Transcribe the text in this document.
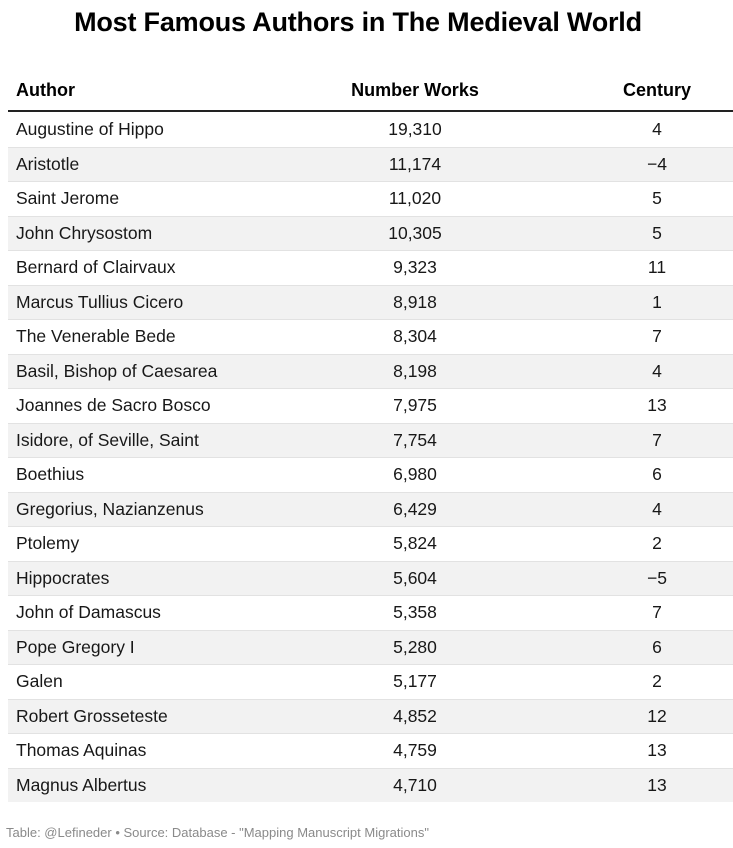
Most Famous Authors in The Medieval World
Author	Number Works	Century
Augustine of Hippo	19,310	4
Aristotle	11,174	−4
Saint Jerome	11,020	5
John Chrysostom	10,305	5
Bernard of Clairvaux	9,323	11
Marcus Tullius Cicero	8,918	1
The Venerable Bede	8,304	7
Basil, Bishop of Caesarea	8,198	4
Joannes de Sacro Bosco	7,975	13
Isidore, of Seville, Saint	7,754	7
Boethius	6,980	6
Gregorius, Nazianzenus	6,429	4
Ptolemy	5,824	2
Hippocrates	5,604	−5
John of Damascus	5,358	7
Pope Gregory I	5,280	6
Galen	5,177	2
Robert Grosseteste	4,852	12
Thomas Aquinas	4,759	13
Magnus Albertus	4,710	13
Table: @Lefineder • Source: Database - "Mapping Manuscript Migrations"
